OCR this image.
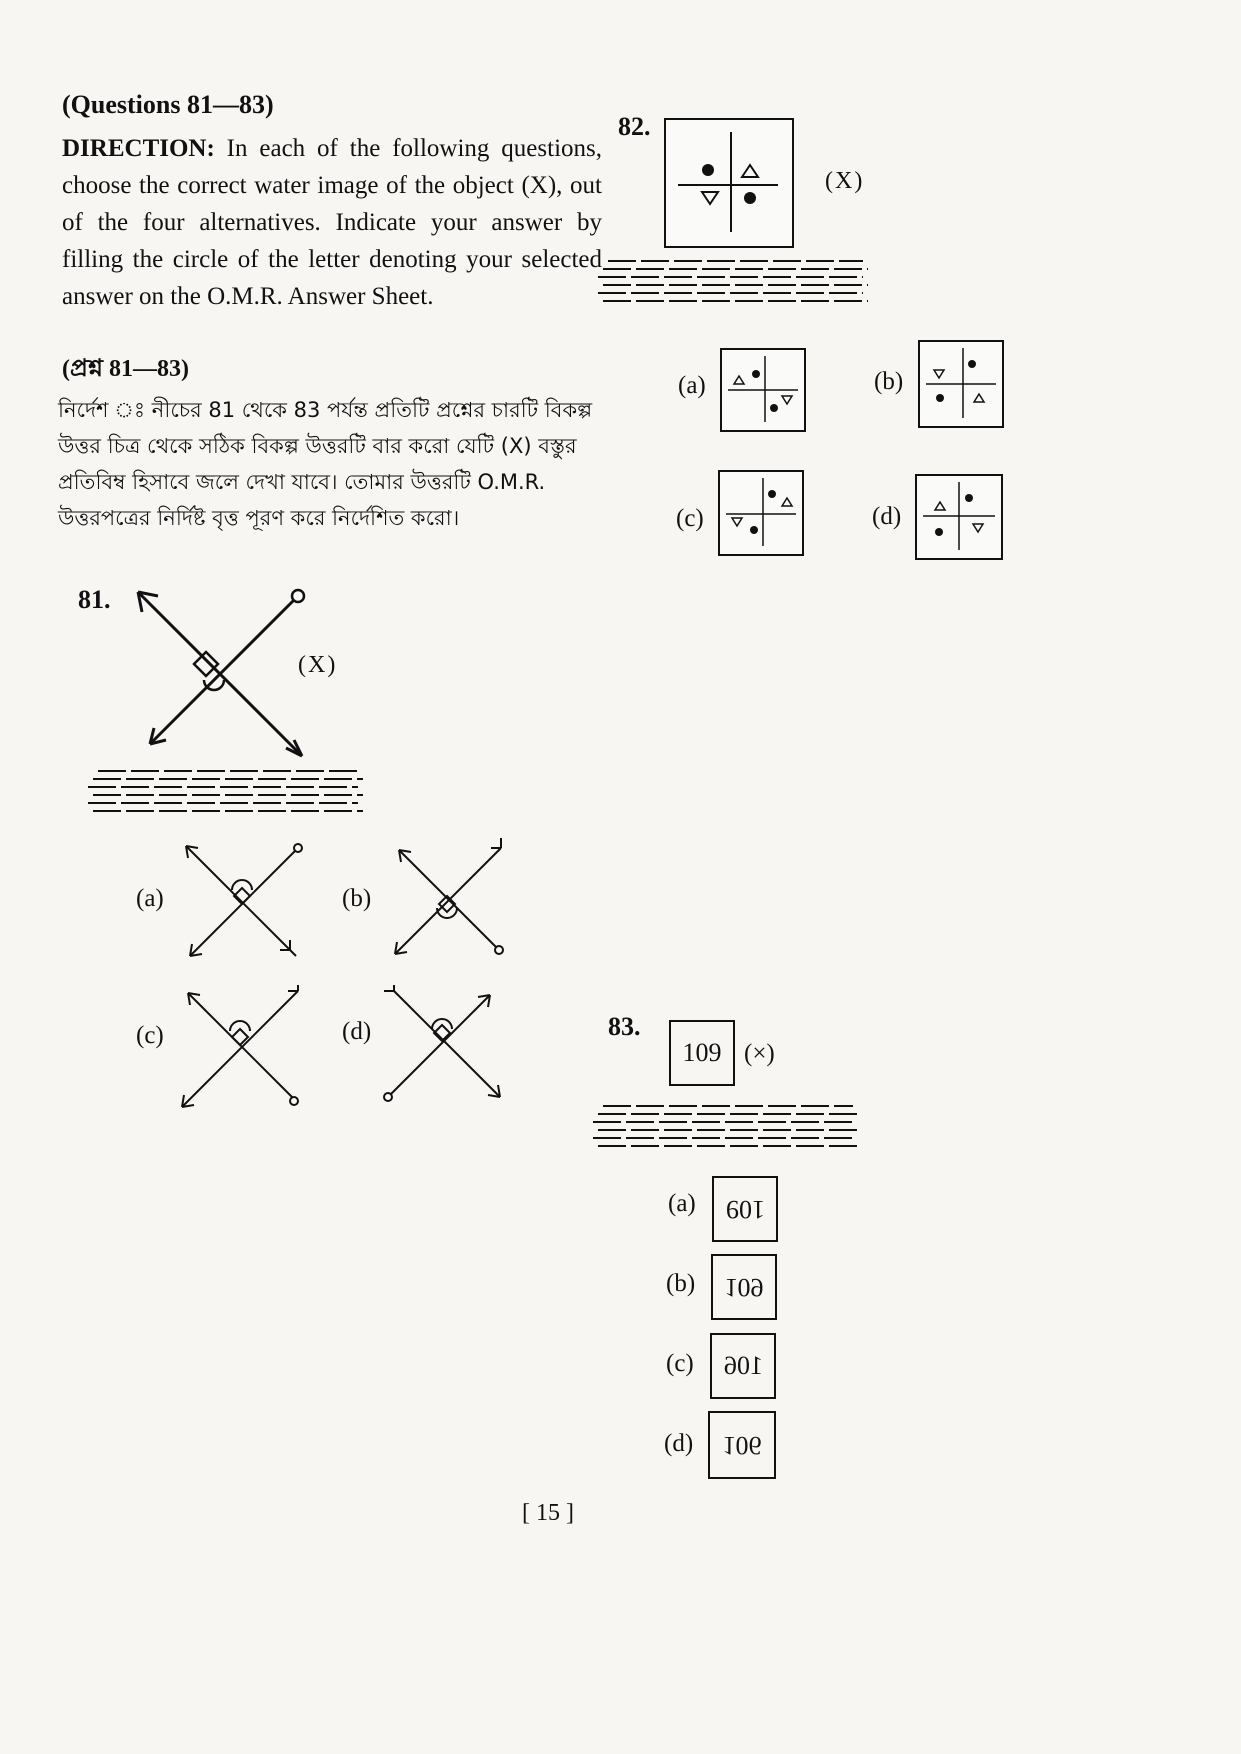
(Questions 81—83)
DIRECTION: In each of the following questions, choose the correct water image of the object (X), out of the four alternatives. Indicate your answer by filling the circle of the letter denoting your selected answer on the O.M.R. Answer Sheet.
(প্রশ্ন 81—83)
নির্দেশ ঃ নীচের 81 থেকে 83 পর্যন্ত প্রতিটি প্রশ্নের চারটি বিকল্প উত্তর চিত্র থেকে সঠিক বিকল্প উত্তরটি বার করো যেটি (X) বস্তুর প্রতিবিম্ব হিসাবে জলে দেখা যাবে। তোমার উত্তরটি O.M.R. উত্তরপত্রের নির্দিষ্ট বৃত্ত পূরণ করে নির্দেশিত করো।
81.
(X)
(a)	(b)
(c)	(d)
82.
(X)
(a)	(b)
(c)	(d)
83.
109 (×)
(a)	109
(b)	109
(c)	106
(d)	106
[ 15 ]
